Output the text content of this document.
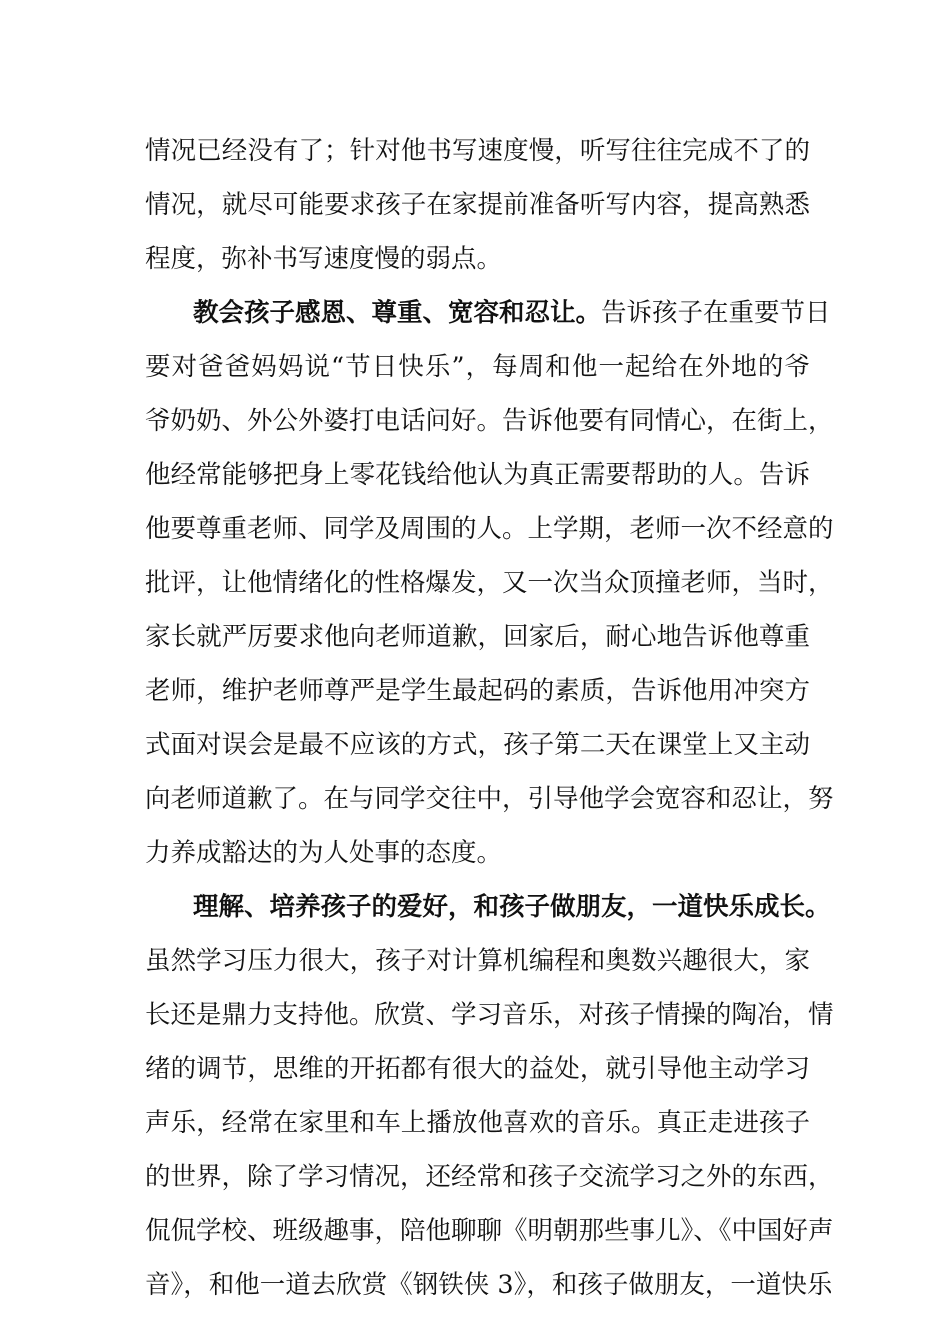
情况已经没有了；针对他书写速度慢，听写往往完成不了的
情况，就尽可能要求孩子在家提前准备听写内容，提高熟悉
程度，弥补书写速度慢的弱点。
教会孩子感恩、尊重、宽容和忍让。告诉孩子在重要节日
要对爸爸妈妈说“节日快乐”，每周和他一起给在外地的爷
爷奶奶、外公外婆打电话问好。告诉他要有同情心，在街上，
他经常能够把身上零花钱给他认为真正需要帮助的人。告诉
他要尊重老师、同学及周围的人。上学期，老师一次不经意的
批评，让他情绪化的性格爆发，又一次当众顶撞老师，当时，
家长就严厉要求他向老师道歉，回家后，耐心地告诉他尊重
老师，维护老师尊严是学生最起码的素质，告诉他用冲突方
式面对误会是最不应该的方式，孩子第二天在课堂上又主动
向老师道歉了。在与同学交往中，引导他学会宽容和忍让，努
力养成豁达的为人处事的态度。
理解、培养孩子的爱好，和孩子做朋友，一道快乐成长。
虽然学习压力很大，孩子对计算机编程和奥数兴趣很大，家
长还是鼎力支持他。欣赏、学习音乐，对孩子情操的陶冶，情
绪的调节，思维的开拓都有很大的益处，就引导他主动学习
声乐，经常在家里和车上播放他喜欢的音乐。真正走进孩子
的世界，除了学习情况，还经常和孩子交流学习之外的东西，
侃侃学校、班级趣事，陪他聊聊《明朝那些事儿》、《中国好声
音》，和他一道去欣赏《钢铁侠 3》，和孩子做朋友，一道快乐
